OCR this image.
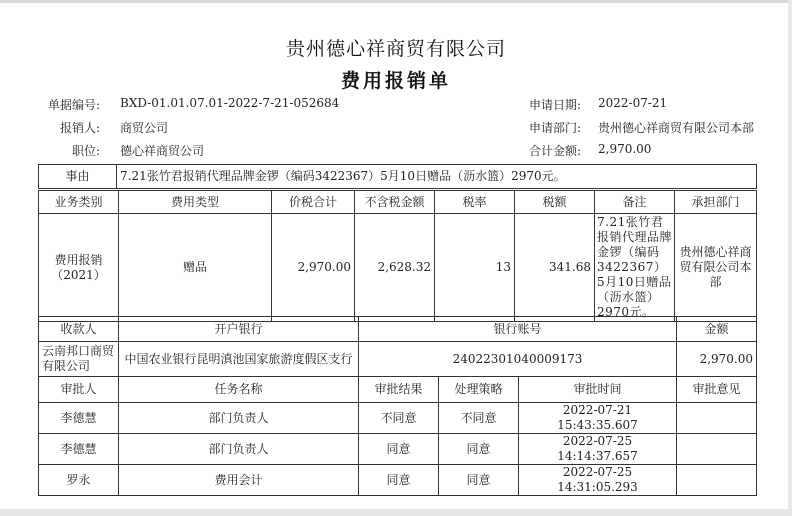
贵州德心祥商贸有限公司
费用报销单
单据编号: BXD-01.01.07.01-2022-7-21-052684	申请日期: 2022-07-21
报销人: 商贸公司	申请部门: 贵州德心祥商贸有限公司本部
职位: 德心祥商贸公司	合计金额: 2,970.00
事由	7.21张竹君报销代理品牌金锣（编码3422367）5月10日赠品（沥水篮）2970元。
业务类别	费用类型	价税合计	不含税金额	税率	税额	备注	承担部门
费用报销（2021）	赠品	2,970.00	2,628.32	13	341.68	7.21张竹君报销代理品牌金锣（编码3422367）5月10日赠品（沥水篮）2970元。	贵州德心祥商贸有限公司本部
收款人	开户银行	银行账号	金额
云南邦口商贸有限公司	中国农业银行昆明滇池国家旅游度假区支行	24022301040009173	2,970.00
审批人	任务名称	审批结果	处理策略	审批时间	审批意见
李德慧	部门负责人	不同意	不同意	2022-07-21 15:43:35.607	
李德慧	部门负责人	同意	同意	2022-07-25 14:14:37.657	
罗永	费用会计	同意	同意	2022-07-25 14:31:05.293	
